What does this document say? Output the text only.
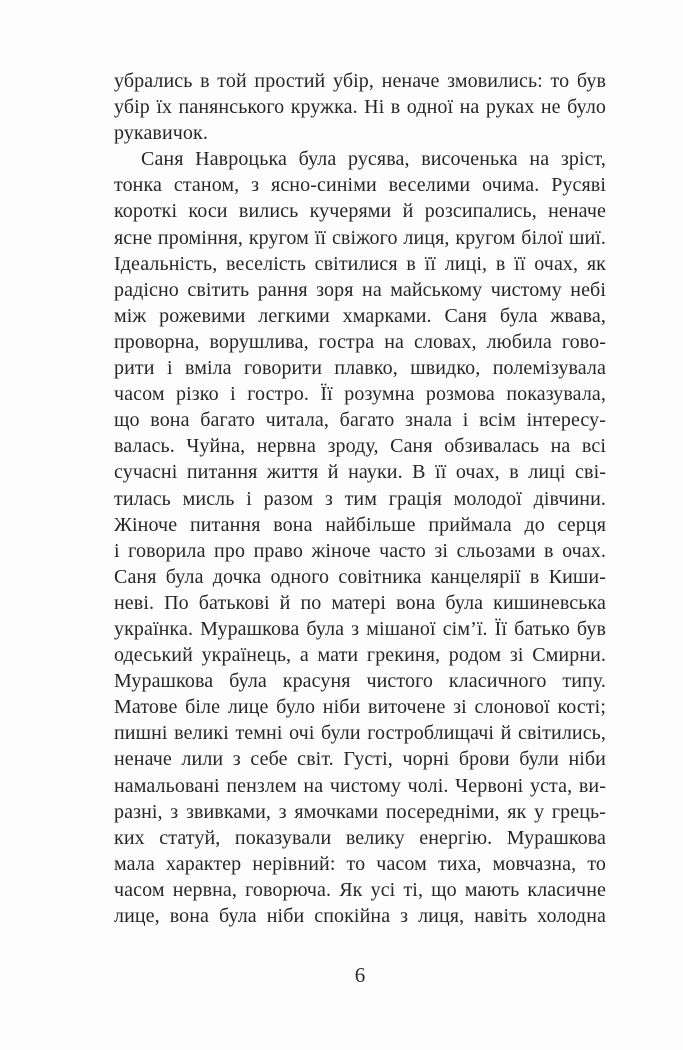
убрались в той простий убір, неначе змовились: то був
убір їх панянського кружка. Ні в одної на руках не було
рукавичок.
Саня Навроцька була русява, височенька на зріст,
тонка станом, з ясно-синіми веселими очима. Русяві
короткі коси вились кучерями й розсипались, неначе
ясне проміння, кругом її свіжого лиця, кругом білої шиї.
Ідеальність, веселість світилися в її лиці, в її очах, як
радісно світить рання зоря на майському чистому небі
між рожевими легкими хмарками. Саня була жвава,
проворна, ворушлива, гостра на словах, любила гово-
рити і вміла говорити плавко, швидко, полемізувала
часом різко і гостро. Її розумна розмова показувала,
що вона багато читала, багато знала і всім інтересу-
валась. Чуйна, нервна зроду, Саня обзивалась на всі
сучасні питання життя й науки. В її очах, в лиці сві-
тилась мисль і разом з тим грація молодої дівчини.
Жіноче питання вона найбільше приймала до серця
і говорила про право жіноче часто зі сльозами в очах.
Саня була дочка одного совітника канцелярії в Киши-
неві. По батькові й по матері вона була кишиневська
українка. Мурашкова була з мішаної сім’ї. Її батько був
одеський українець, а мати грекиня, родом зі Смирни.
Мурашкова була красуня чистого класичного типу.
Матове біле лице було ніби виточене зі слонової кості;
пишні великі темні очі були гостроблищачі й світились,
неначе лили з себе світ. Густі, чорні брови були ніби
намальовані пензлем на чистому чолі. Червоні уста, ви-
разні, з звивками, з ямочками посередніми, як у грець-
ких статуй, показували велику енергію. Мурашкова
мала характер нерівний: то часом тиха, мовчазна, то
часом нервна, говорюча. Як усі ті, що мають класичне
лице, вона була ніби спокійна з лиця, навіть холодна
6
